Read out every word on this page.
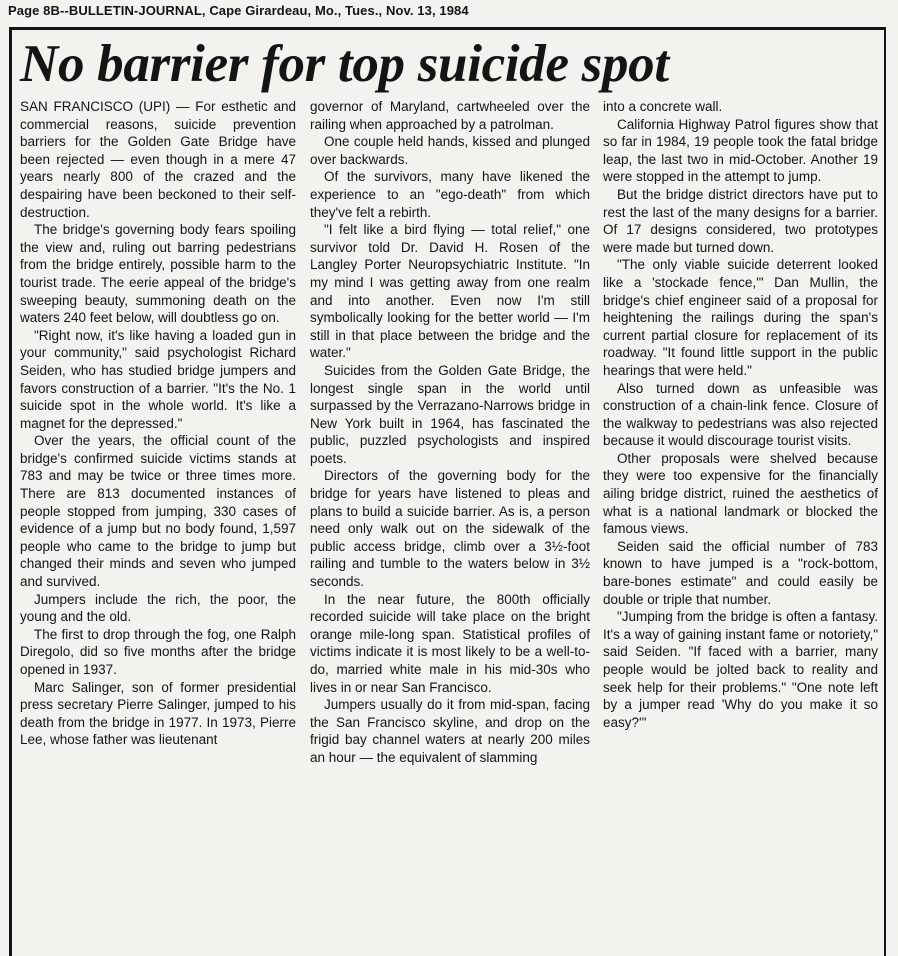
Page 8B--BULLETIN-JOURNAL, Cape Girardeau, Mo., Tues., Nov. 13, 1984
No barrier for top suicide spot

SAN FRANCISCO (UPI) — For esthetic and commercial reasons, suicide prevention barriers for the Golden Gate Bridge have been rejected — even though in a mere 47 years nearly 800 of the crazed and the despairing have been beckoned to their self-destruction.

The bridge's governing body fears spoiling the view and, ruling out barring pedestrians from the bridge entirely, possible harm to the tourist trade. The eerie appeal of the bridge's sweeping beauty, summoning death on the waters 240 feet below, will doubtless go on.

"Right now, it's like having a loaded gun in your community," said psychologist Richard Seiden, who has studied bridge jumpers and favors construction of a barrier. "It's the No. 1 suicide spot in the whole world. It's like a magnet for the depressed."

Over the years, the official count of the bridge's confirmed suicide victims stands at 783 and may be twice or three times more. There are 813 documented instances of people stopped from jumping, 330 cases of evidence of a jump but no body found, 1,597 people who came to the bridge to jump but changed their minds and seven who jumped and survived.

Jumpers include the rich, the poor, the young and the old.

The first to drop through the fog, one Ralph Diregolo, did so five months after the bridge opened in 1937.

Marc Salinger, son of former presidential press secretary Pierre Salinger, jumped to his death from the bridge in 1977. In 1973, Pierre Lee, whose father was lieutenant

governor of Maryland, cartwheeled over the railing when approached by a patrolman.

One couple held hands, kissed and plunged over backwards.

Of the survivors, many have likened the experience to an "ego-death" from which they've felt a rebirth.

"I felt like a bird flying — total relief," one survivor told Dr. David H. Rosen of the Langley Porter Neuropsychiatric Institute. "In my mind I was getting away from one realm and into another. Even now I'm still symbolically looking for the better world — I'm still in that place between the bridge and the water."

Suicides from the Golden Gate Bridge, the longest single span in the world until surpassed by the Verrazano-Narrows bridge in New York built in 1964, has fascinated the public, puzzled psychologists and inspired poets.

Directors of the governing body for the bridge for years have listened to pleas and plans to build a suicide barrier. As is, a person need only walk out on the sidewalk of the public access bridge, climb over a 3½-foot railing and tumble to the waters below in 3½ seconds.

In the near future, the 800th officially recorded suicide will take place on the bright orange mile-long span. Statistical profiles of victims indicate it is most likely to be a well-to-do, married white male in his mid-30s who lives in or near San Francisco.

Jumpers usually do it from mid-span, facing the San Francisco skyline, and drop on the frigid bay channel waters at nearly 200 miles an hour — the equivalent of slamming

into a concrete wall.

California Highway Patrol figures show that so far in 1984, 19 people took the fatal bridge leap, the last two in mid-October. Another 19 were stopped in the attempt to jump.

But the bridge district directors have put to rest the last of the many designs for a barrier. Of 17 designs considered, two prototypes were made but turned down.

"The only viable suicide deterrent looked like a 'stockade fence,'" Dan Mullin, the bridge's chief engineer said of a proposal for heightening the railings during the span's current partial closure for replacement of its roadway. "It found little support in the public hearings that were held."

Also turned down as unfeasible was construction of a chain-link fence. Closure of the walkway to pedestrians was also rejected because it would discourage tourist visits.

Other proposals were shelved because they were too expensive for the financially ailing bridge district, ruined the aesthetics of what is a national landmark or blocked the famous views.

Seiden said the official number of 783 known to have jumped is a "rock-bottom, bare-bones estimate" and could easily be double or triple that number.

"Jumping from the bridge is often a fantasy. It's a way of gaining instant fame or notoriety," said Seiden. "If faced with a barrier, many people would be jolted back to reality and seek help for their problems." "One note left by a jumper read 'Why do you make it so easy?'"
